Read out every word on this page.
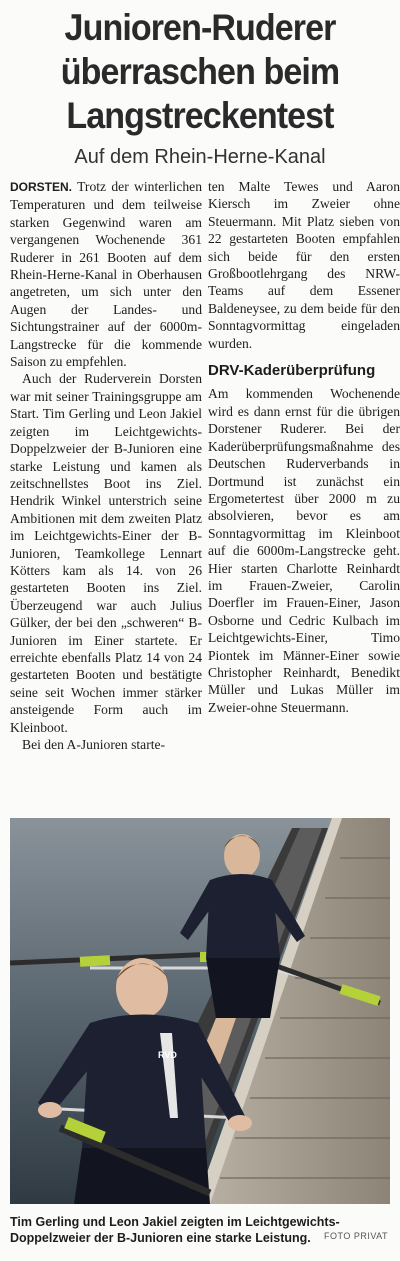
Junioren-Ruderer
überraschen beim
Langstreckentest
Auf dem Rhein-Herne-Kanal

DORSTEN. Trotz der winterlichen Temperaturen und dem teilweise starken Gegenwind waren am vergangenen Wochenende 361 Ruderer in 261 Booten auf dem Rhein-Herne-Kanal in Oberhausen angetreten, um sich unter den Augen der Landes- und Sichtungstrainer auf der 6000m-Langstrecke für die kommende Saison zu empfehlen.

Auch der Ruderverein Dorsten war mit seiner Trainingsgruppe am Start. Tim Gerling und Leon Jakiel zeigten im Leichtgewichts-Doppelzweier der B-Junioren eine starke Leistung und kamen als zeitschnellstes Boot ins Ziel. Hendrik Winkel unterstrich seine Ambitionen mit dem zweiten Platz im Leichtgewichts-Einer der B-Junioren, Teamkollege Lennart Kötters kam als 14. von 26 gestarteten Booten ins Ziel. Überzeugend war auch Julius Gülker, der bei den „schweren“ B-Junioren im Einer startete. Er erreichte ebenfalls Platz 14 von 24 gestarteten Booten und bestätigte seine seit Wochen immer stärker ansteigende Form auch im Kleinboot.

Bei den A-Junioren starte-

ten Malte Tewes und Aaron Kiersch im Zweier ohne Steuermann. Mit Platz sieben von 22 gestarteten Booten empfahlen sich beide für den ersten Großbootlehrgang des NRW-Teams auf dem Essener Baldeneysee, zu dem beide für den Sonntagvormittag eingeladen wurden.

DRV-Kaderüberprüfung

Am kommenden Wochenende wird es dann ernst für die übrigen Dorstener Ruderer. Bei der Kaderüberprüfungsmaßnahme des Deutschen Ruderverbands in Dortmund ist zunächst ein Ergometertest über 2000 m zu absolvieren, bevor es am Sonntagvormittag im Kleinboot auf die 6000m-Langstrecke geht. Hier starten Charlotte Reinhardt im Frauen-Zweier, Carolin Doerfler im Frauen-Einer, Jason Osborne und Cedric Kulbach im Leichtgewichts-Einer, Timo Piontek im Männer-Einer sowie Christopher Reinhardt, Benedikt Müller und Lukas Müller im Zweier-ohne Steuermann.

RVD
Tim Gerling und Leon Jakiel zeigten im Leichtgewichts-Doppelzweier der B-Junioren eine starke Leistung.	FOTO PRIVAT
